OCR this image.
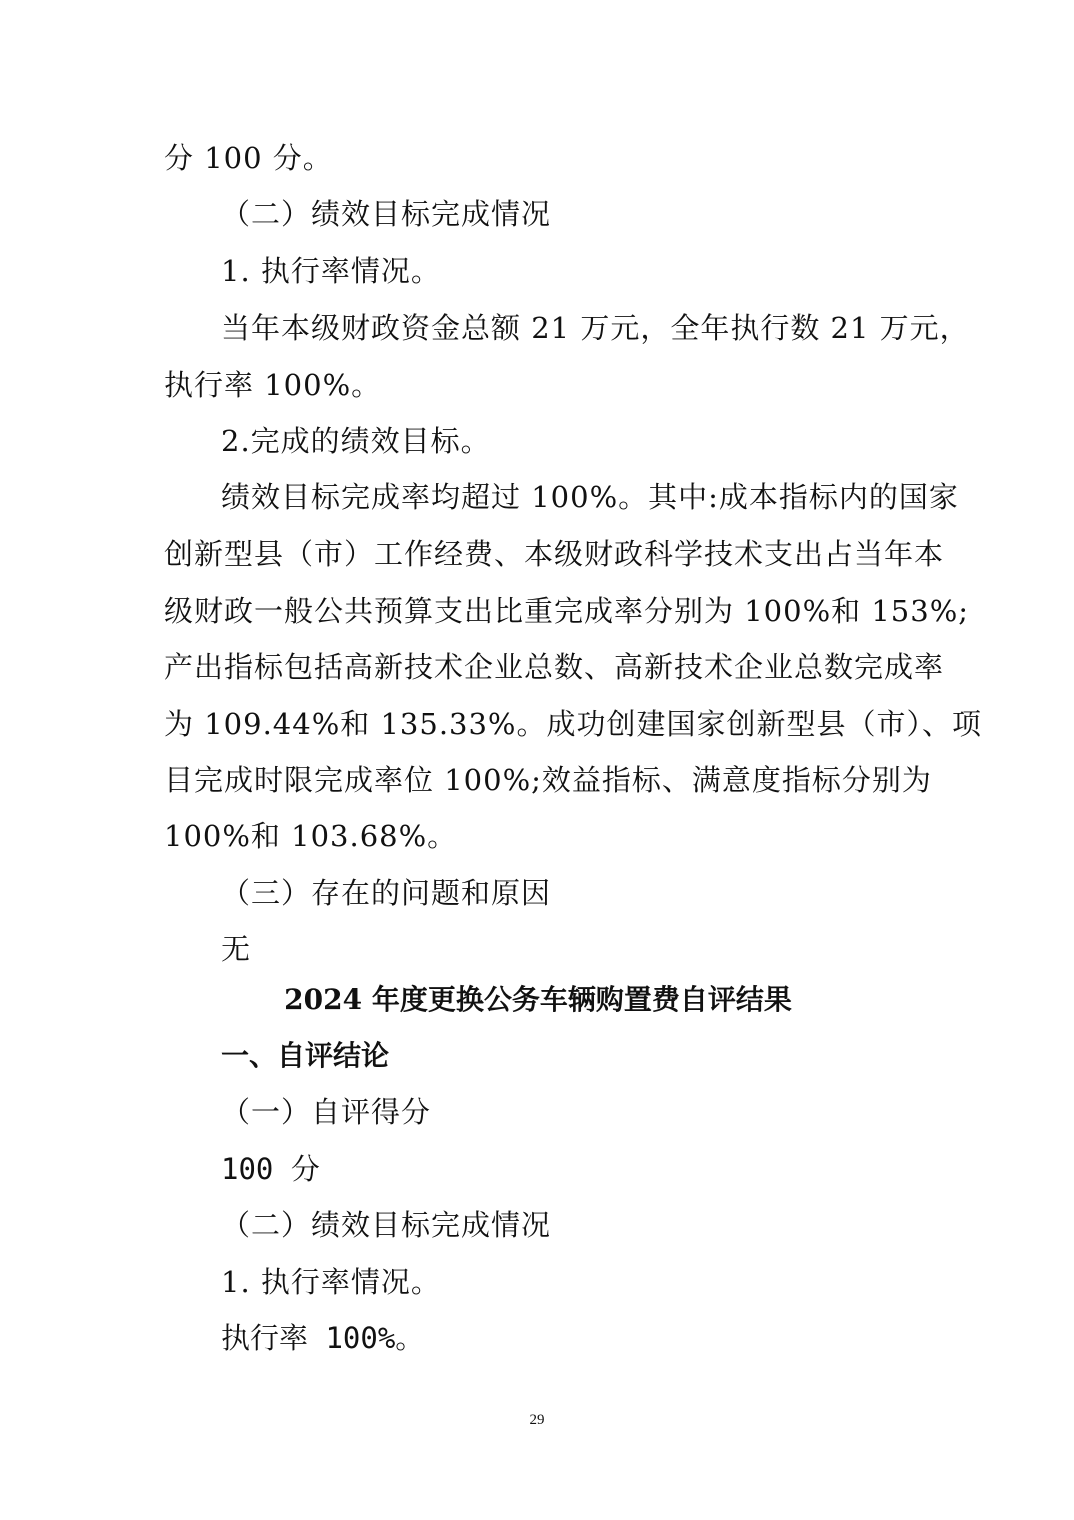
分 100 分。
（二）绩效目标完成情况
1. 执行率情况。
当年本级财政资金总额 21 万元，全年执行数 21 万元，
执行率 100%。
2.完成的绩效目标。
绩效目标完成率均超过 100%。其中:成本指标内的国家
创新型县（市）工作经费、本级财政科学技术支出占当年本
级财政一般公共预算支出比重完成率分别为 100%和 153%;
产出指标包括高新技术企业总数、高新技术企业总数完成率
为 109.44%和 135.33%。成功创建国家创新型县（市）、项
目完成时限完成率位 100%;效益指标、满意度指标分别为
100%和 103.68%。
（三）存在的问题和原因
无
2024 年度更换公务车辆购置费自评结果
一、自评结论
（一）自评得分
100 分
（二）绩效目标完成情况
1. 执行率情况。
执行率 100%。
29
